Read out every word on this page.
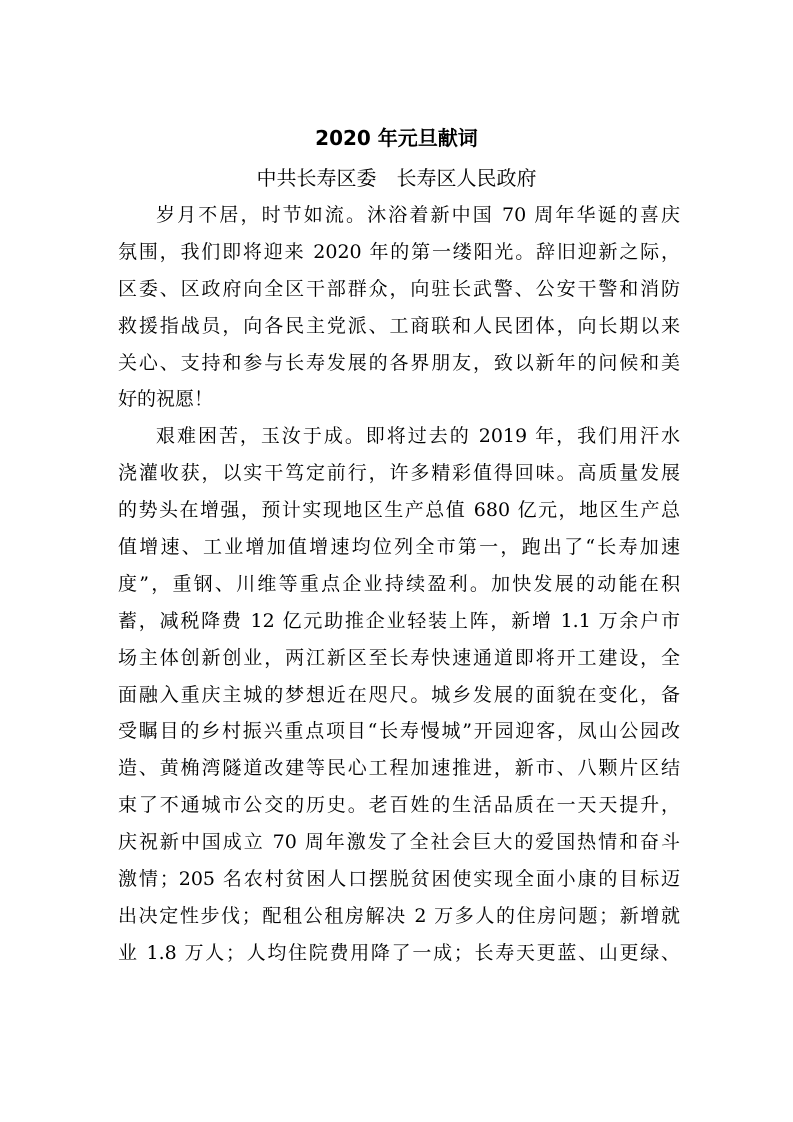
2020 年元旦献词
中共长寿区委　长寿区人民政府
岁月不居，时节如流。沐浴着新中国 70 周年华诞的喜庆
氛围，我们即将迎来 2020 年的第一缕阳光。辞旧迎新之际，
区委、区政府向全区干部群众，向驻长武警、公安干警和消防
救援指战员，向各民主党派、工商联和人民团体，向长期以来
关心、支持和参与长寿发展的各界朋友，致以新年的问候和美
好的祝愿！
艰难困苦，玉汝于成。即将过去的 2019 年，我们用汗水
浇灌收获，以实干笃定前行，许多精彩值得回味。高质量发展
的势头在增强，预计实现地区生产总值 680 亿元，地区生产总
值增速、工业增加值增速均位列全市第一，跑出了“长寿加速
度”，重钢、川维等重点企业持续盈利。加快发展的动能在积
蓄，减税降费 12 亿元助推企业轻装上阵，新增 1.1 万余户市
场主体创新创业，两江新区至长寿快速通道即将开工建设，全
面融入重庆主城的梦想近在咫尺。城乡发展的面貌在变化，备
受瞩目的乡村振兴重点项目“长寿慢城”开园迎客，凤山公园改
造、黄桷湾隧道改建等民心工程加速推进，新市、八颗片区结
束了不通城市公交的历史。老百姓的生活品质在一天天提升，
庆祝新中国成立 70 周年激发了全社会巨大的爱国热情和奋斗
激情；205 名农村贫困人口摆脱贫困使实现全面小康的目标迈
出决定性步伐；配租公租房解决 2 万多人的住房问题；新增就
业 1.8 万人；人均住院费用降了一成；长寿天更蓝、山更绿、
